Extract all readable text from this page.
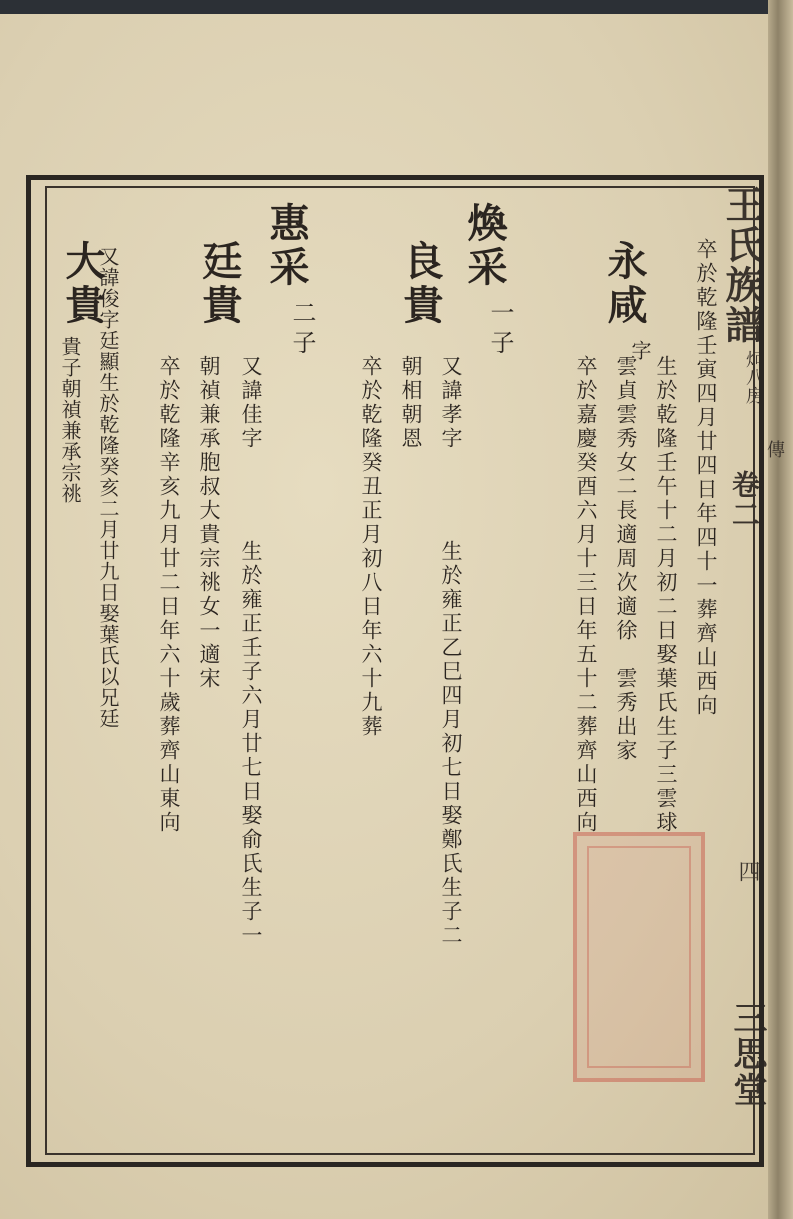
王氏族譜
炯八房
卷二
傳
四
三思堂
卒於乾隆壬寅四月廿四日年四十一葬齊山西向
生於乾隆壬午十二月初二日娶葉氏生子三雲球
雲貞雲秀女二長適周次適徐　雲秀出家
卒於嘉慶癸酉六月十三日年五十二葬齊山西向
永咸
字
煥采
一子
良貴
又諱孝字
生於雍正乙巳四月初七日娶鄭氏生子二
朝相朝恩
卒於乾隆癸丑正月初八日年六十九葬
惠采
二子
廷貴
又諱佳字
生於雍正壬子六月廿七日娶俞氏生子一
朝禎兼承胞叔大貴宗祧女一適宋
卒於乾隆辛亥九月廿二日年六十歲葬齊山東向
大貴
又諱俊字廷顯生於乾隆癸亥二月廿九日娶葉氏以兄廷
貴子朝禎兼承宗祧
